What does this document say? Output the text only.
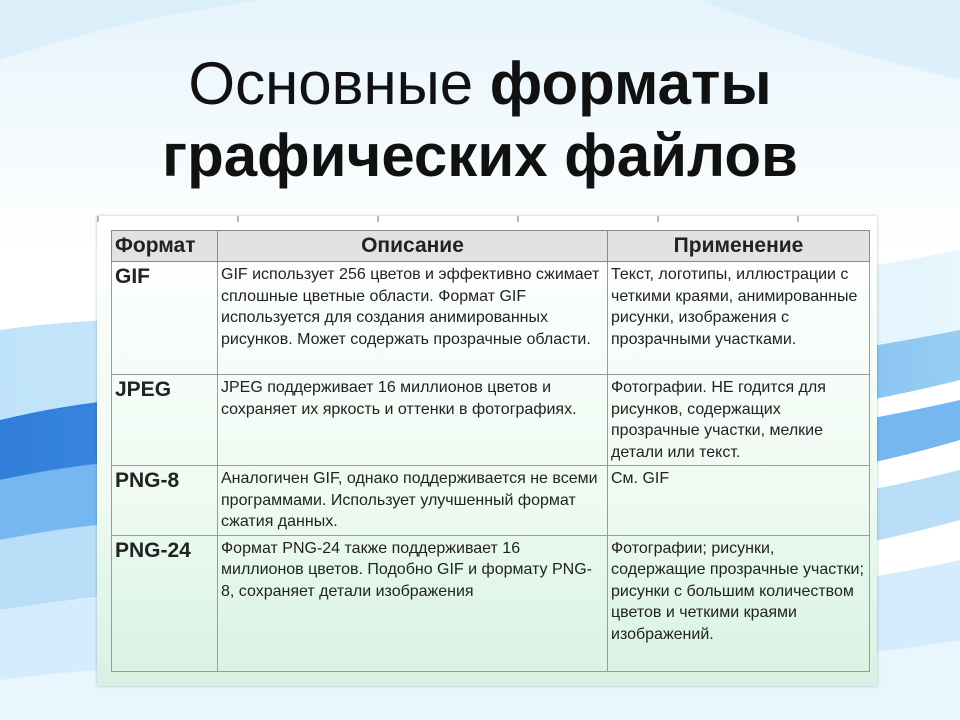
Основные форматы
графических файлов
Формат	Описание	Применение
GIF	GIF использует 256 цветов и эффективно сжимает сплошные цветные области. Формат GIF используется для создания анимированных рисунков. Может содержать прозрачные области.	Текст, логотипы, иллюстрации с четкими краями, анимированные рисунки, изображения с прозрачными участками.
JPEG	JPEG поддерживает 16 миллионов цветов и сохраняет их яркость и оттенки в фотографиях.	Фотографии. НЕ годится для рисунков, содержащих прозрачные участки, мелкие детали или текст.
PNG-8	Аналогичен GIF, однако поддерживается не всеми программами. Использует улучшенный формат сжатия данных.	См. GIF
PNG-24	Формат PNG-24 также поддерживает 16 миллионов цветов. Подобно GIF и формату PNG-8, сохраняет детали изображения	Фотографии; рисунки, содержащие прозрачные участки; рисунки с большим количеством цветов и четкими краями изображений.
